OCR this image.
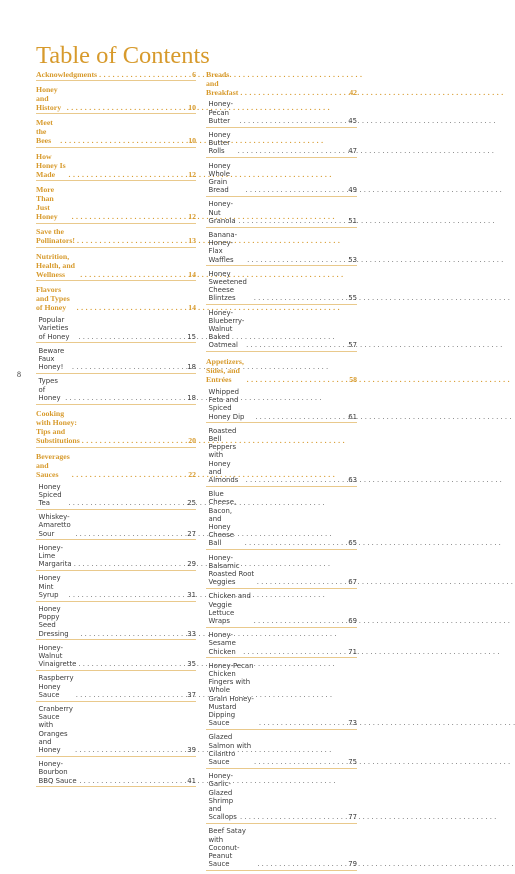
Table of Contents
Acknowledgments . . .	6
Honey and History . . .	10
Meet the Bees . . .	10
How Honey Is Made . . .	12
More Than Just Honey . . .	12
Save the Pollinators! . . .	13
Nutrition, Health, and Wellness . . .	14
Flavors and Types of Honey . . .	14
Popular Varieties of Honey . . .	15
Beware Faux Honey! . . .	18
Types of Honey . . .	18
Cooking with Honey:
Tips and Substitutions . . .	20
Beverages and Sauces . . .	22
Honey Spiced Tea . . .	25
Whiskey-Amaretto Sour . . .	27
Honey-Lime Margarita . . .	29
Honey Mint Syrup . . .	31
Honey Poppy Seed Dressing . . .	33
Honey-Walnut Vinaigrette . . .	35
Raspberry Honey Sauce . . .	37
Cranberry Sauce with
Oranges and Honey . . .	39
Honey-Bourbon BBQ Sauce . . .	41
Breads and Breakfast . . .	42
Honey-Pecan Butter . . .	45
Honey Butter Rolls . . .	47
Honey Whole Grain Bread . . .	49
Honey-Nut Granola . . .	51
Banana-Honey-Flax Waffles . . .	53
Honey Sweetened Cheese Blintzes . . .	55
Honey-Blueberry-Walnut
Baked Oatmeal . . .	57
Appetizers, Sides, and Entrées . . .	58
Whipped Feta and Spiced Honey Dip . . .	61
Roasted Bell Peppers with
Honey and Almonds . . .	63
Blue Cheese, Bacon, and
Honey Cheese Ball . . .	65
Honey-Balsamic Roasted Root Veggies . . .	67
Chicken and Veggie Lettuce Wraps . . .	69
Honey-Sesame Chicken . . .	71
Honey-Pecan Chicken Fingers with Whole
Grain Honey-Mustard Dipping Sauce . . .	73
Glazed Salmon with Cilantro Sauce . . .	75
Honey-Garlic-Glazed
Shrimp and Scallops . . .	77
Beef Satay with Coconut-Peanut Sauce . . .	79
8
